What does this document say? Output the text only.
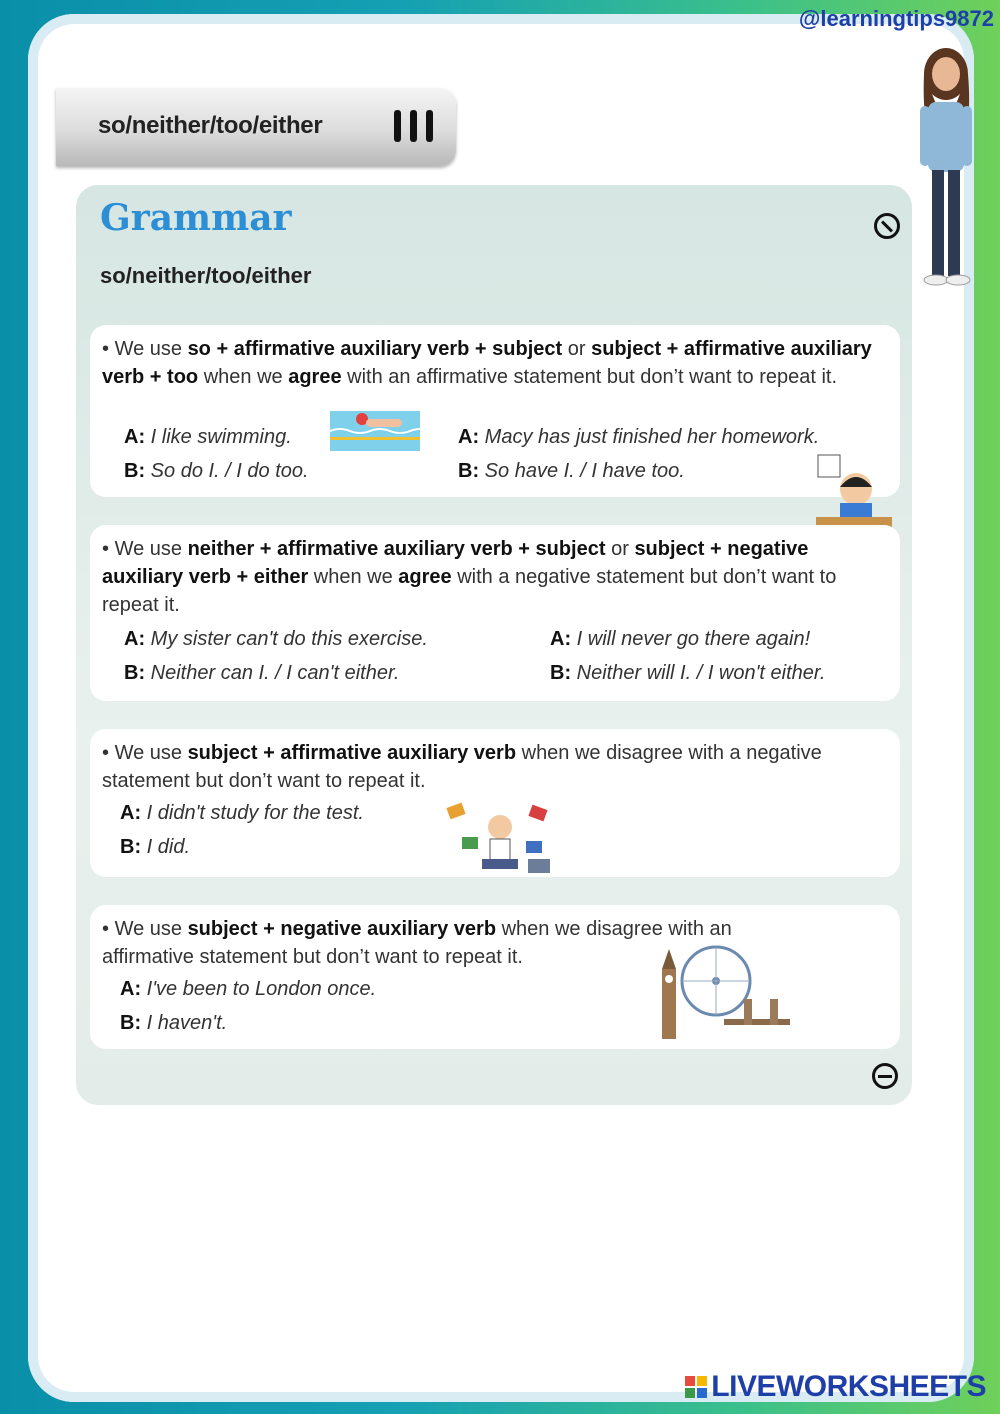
@learningtips9872
so/neither/too/either
Grammar
so/neither/too/either
• We use so + affirmative auxiliary verb + subject or subject + affirmative auxiliary verb + too when we agree with an affirmative statement but don’t want to repeat it.
A: I like swimming.
B: So do I. / I do too.
A: Macy has just finished her homework.
B: So have I. / I have too.
• We use neither + affirmative auxiliary verb + subject or subject + negative auxiliary verb + either when we agree with a negative statement but don’t want to repeat it.
A: My sister can't do this exercise.
B: Neither can I. / I can't either.
A: I will never go there again!
B: Neither will I. / I won't either.
• We use subject + affirmative auxiliary verb when we disagree with a negative statement but don’t want to repeat it.
A: I didn't study for the test.
B: I did.
• We use subject + negative auxiliary verb when we disagree with an affirmative statement but don’t want to repeat it.
A: I've been to London once.
B: I haven't.
LIVEWORKSHEETS
